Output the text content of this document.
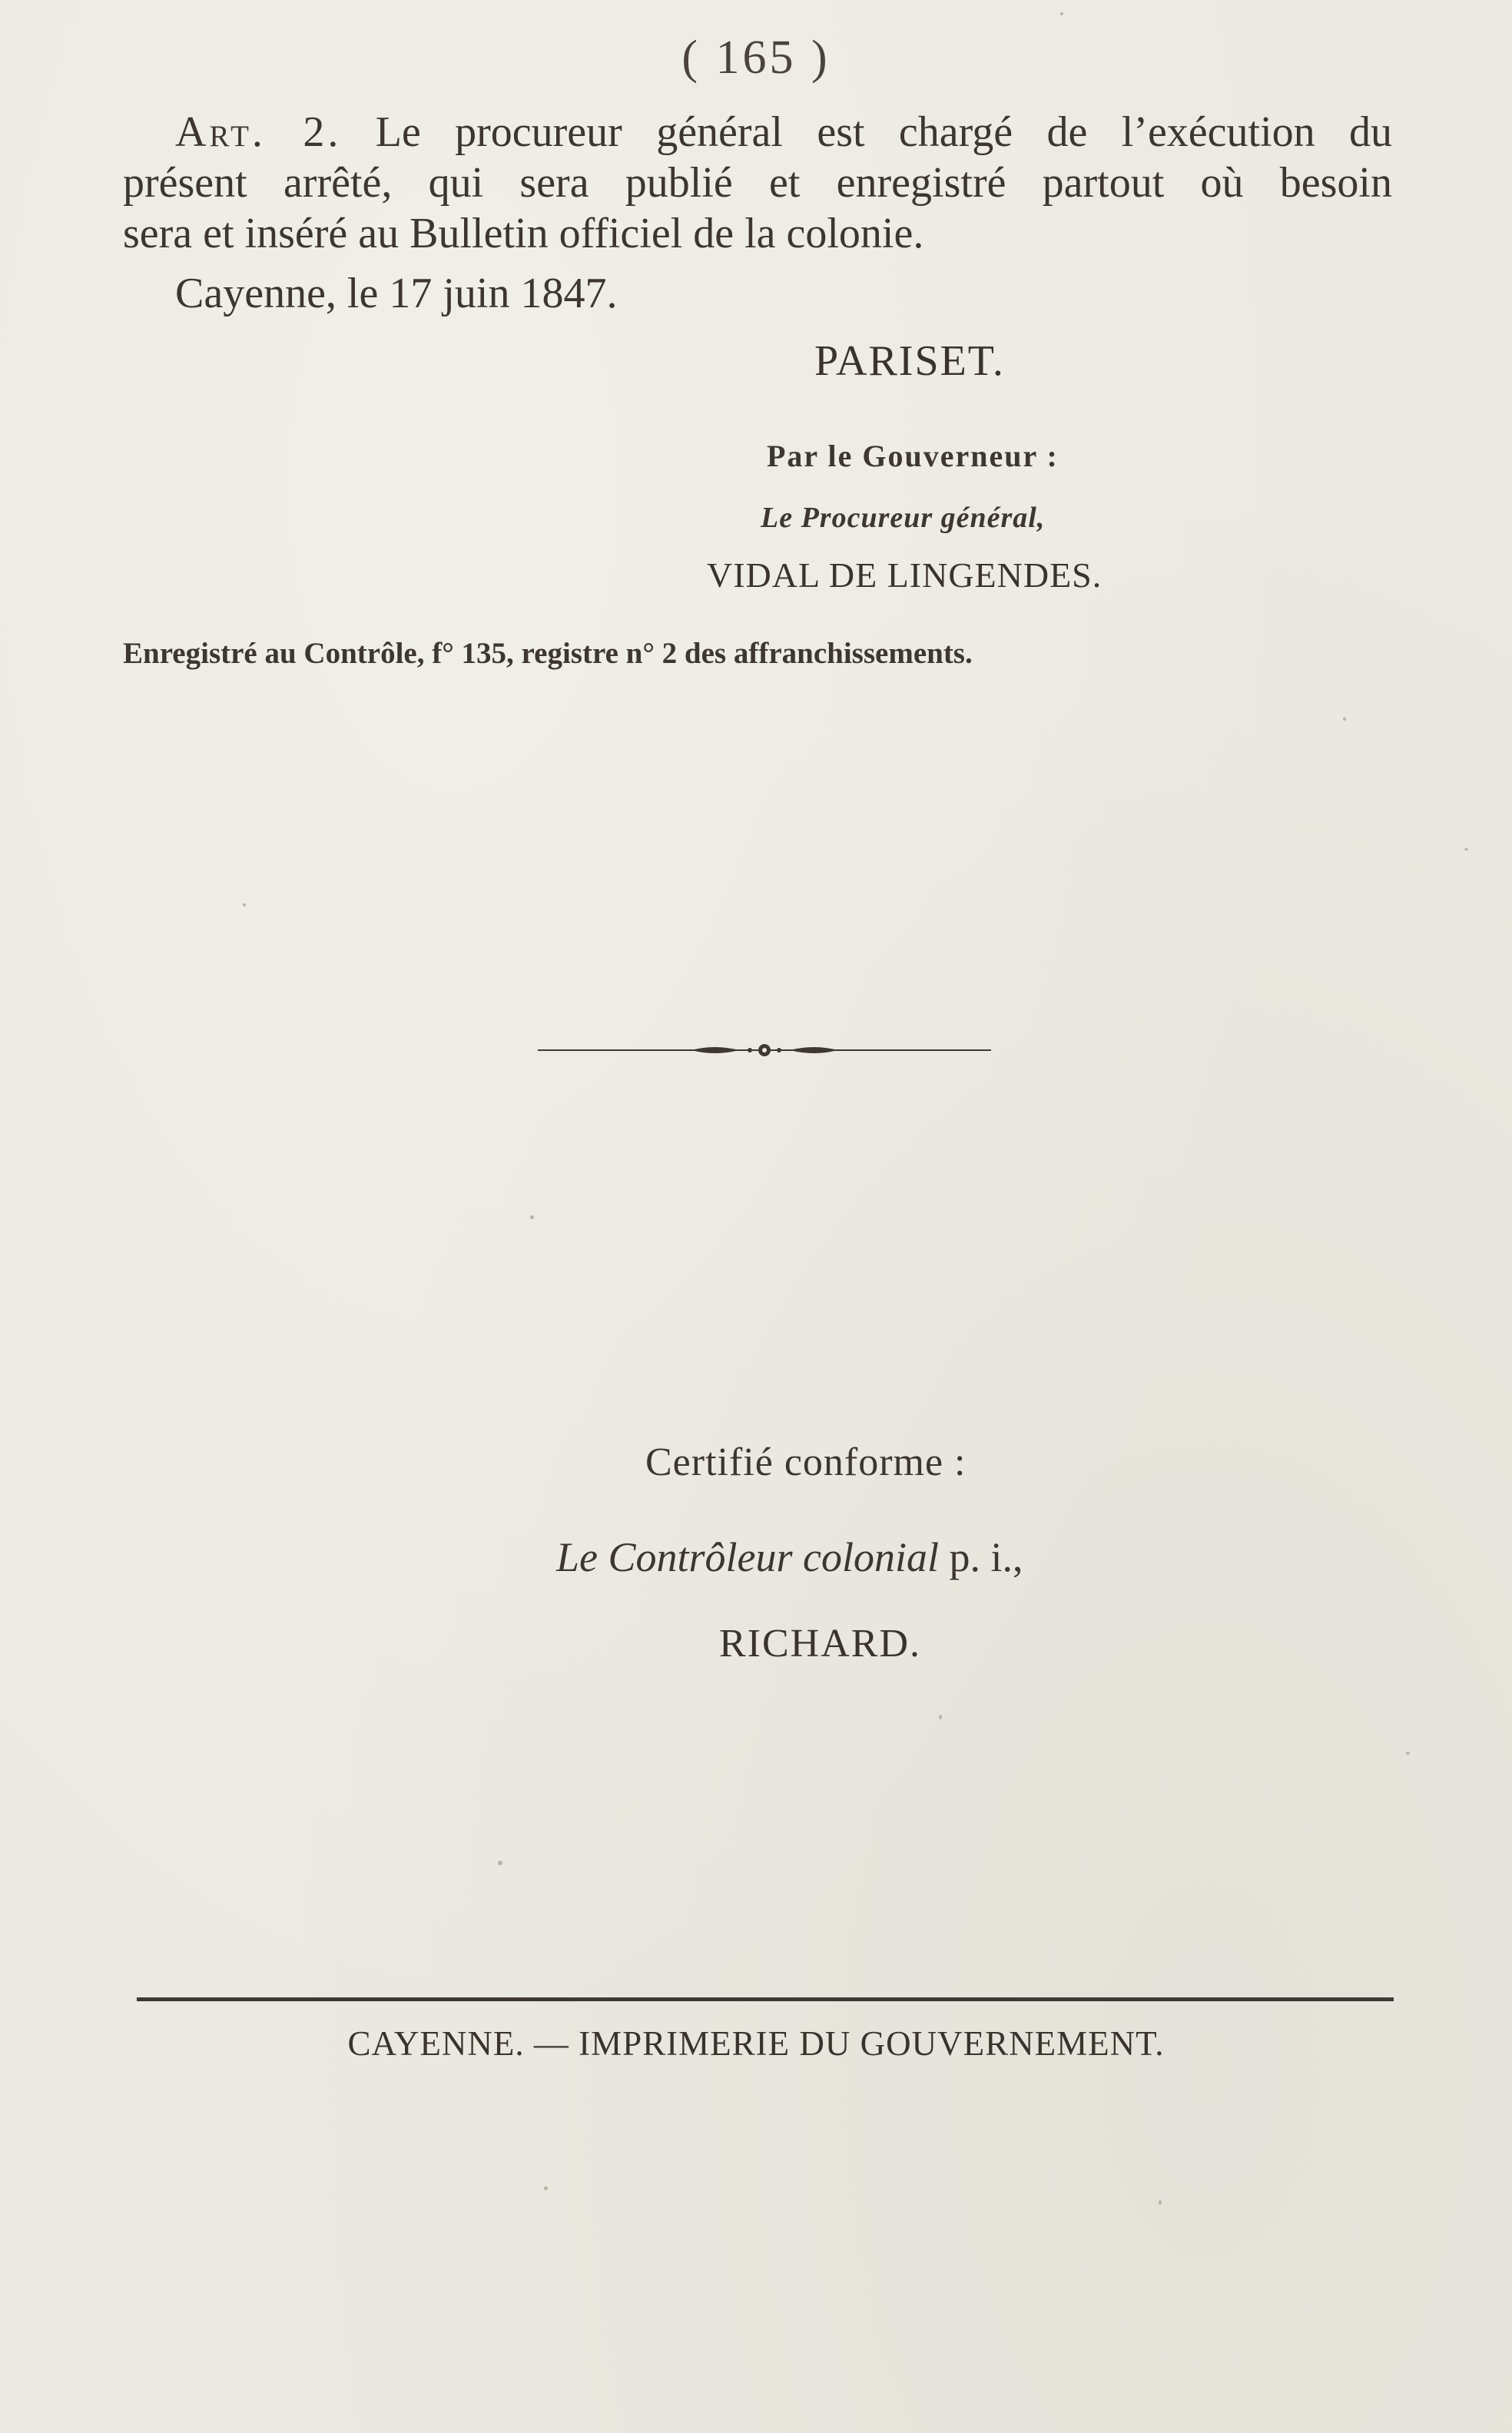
( 165 )
Art. 2. Le procureur général est chargé de l’exécution du
présent arrêté, qui sera publié et enregistré partout où besoin
sera et inséré au Bulletin officiel de la colonie.
Cayenne, le 17 juin 1847.
PARISET.
Par le Gouverneur :
Le Procureur général,
VIDAL DE LINGENDES.
Enregistré au Contrôle, f° 135, registre n° 2 des affranchissements.
Certifié conforme :
Le Contrôleur colonial p. i.,
RICHARD.
CAYENNE. — IMPRIMERIE DU GOUVERNEMENT.
